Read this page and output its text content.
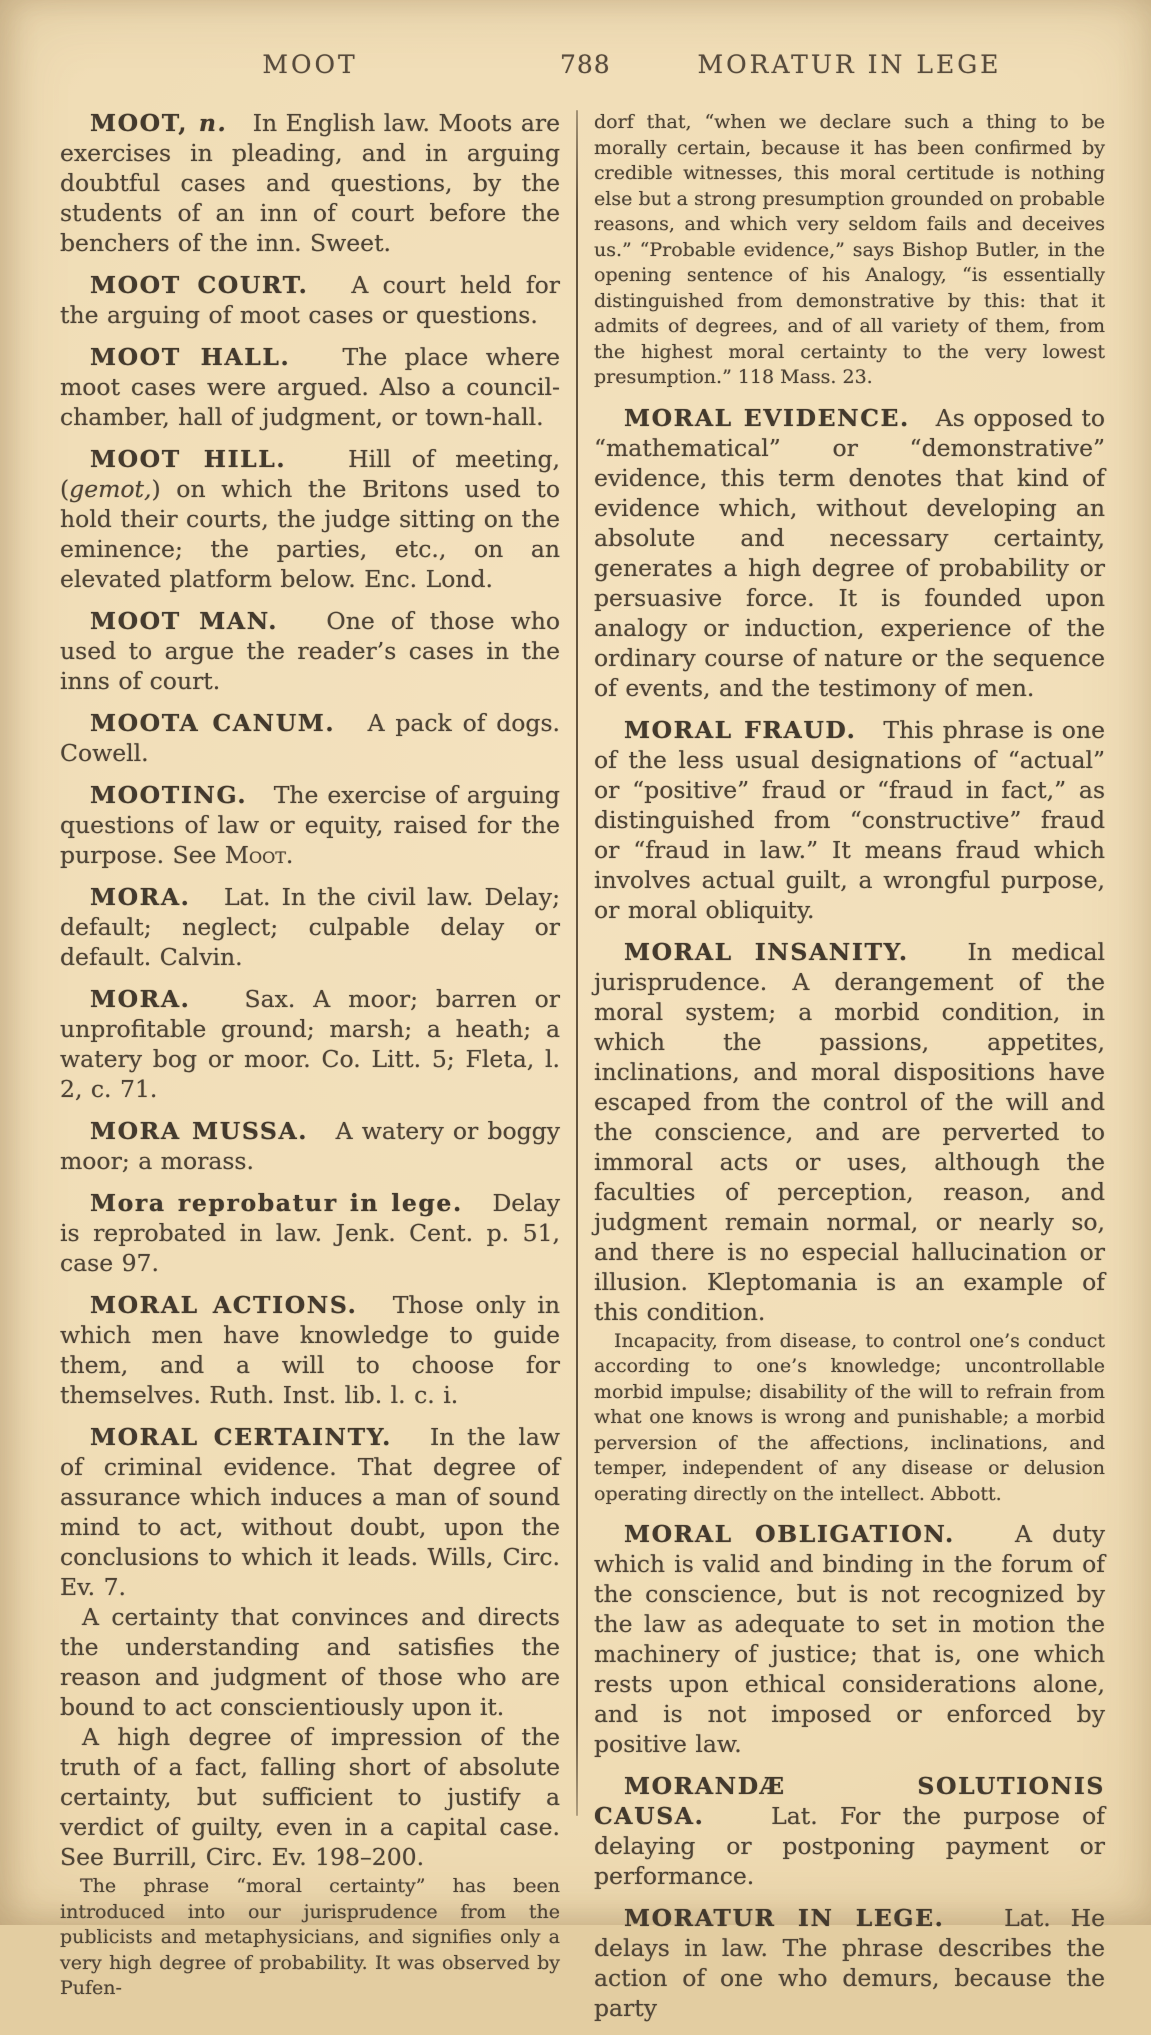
MOOT	788	MORATUR IN LEGE

MOOT, n. In English law. Moots are exercises in pleading, and in arguing doubtful cases and questions, by the students of an inn of court before the benchers of the inn. Sweet.

MOOT COURT. A court held for the arguing of moot cases or questions.

MOOT HALL. The place where moot cases were argued. Also a council-chamber, hall of judgment, or town-hall.

MOOT HILL.	Hill of meeting, (gemot,) on which the Britons used to hold their courts, the judge sitting on the eminence; the parties, etc., on an elevated platform below. Enc. Lond.

MOOT MAN. One of those who used to argue the reader’s cases in the inns of court.

MOOTA CANUM. A pack of dogs. Cowell.

MOOTING. The exercise of arguing questions of law or equity, raised for the purpose. See Moot.

MORA. Lat. In the civil law. Delay; default; neglect; culpable delay or default. Calvin.

MORA. Sax. A moor; barren or unprofitable ground; marsh; a heath; a watery bog or moor. Co. Litt. 5; Fleta, l. 2, c. 71.

MORA MUSSA. A watery or boggy moor; a morass.

Mora reprobatur in lege. Delay is reprobated in law. Jenk. Cent. p. 51, case 97.

MORAL ACTIONS. Those only in which men have knowledge to guide them, and a will to choose for themselves. Ruth. Inst. lib. l. c. i.

MORAL CERTAINTY. In the law of criminal evidence. That degree of assurance which induces a man of sound mind to act, without doubt, upon the conclusions to which it leads. Wills, Circ. Ev. 7.

A certainty that convinces and directs the understanding and satisfies the reason and judgment of those who are bound to act conscientiously upon it.

A high degree of impression of the truth of a fact, falling short of absolute certainty, but sufficient to justify a verdict of guilty, even in a capital case. See Burrill, Circ. Ev. 198–200.

The phrase “moral certainty” has been introduced into our jurisprudence from the publicists and metaphysicians, and signifies only a very high degree of probability. It was observed by Pufen-

dorf that, “when we declare such a thing to be morally certain, because it has been confirmed by credible witnesses, this moral certitude is nothing else but a strong presumption grounded on probable reasons, and which very seldom fails and deceives us.” “Probable evidence,” says Bishop Butler, in the opening sentence of his Analogy, “is essentially distinguished from demonstrative by this: that it admits of degrees, and of all variety of them, from the highest moral certainty to the very lowest presumption.” 118 Mass. 23.

MORAL EVIDENCE. As opposed to “mathematical” or “demonstrative” evidence, this term denotes that kind of evidence which, without developing an absolute and necessary certainty, generates a high degree of probability or persuasive force. It is founded upon analogy or induction, experience of the ordinary course of nature or the sequence of events, and the testimony of men.

MORAL FRAUD. This phrase is one of the less usual designations of “actual” or “positive” fraud or “fraud in fact,” as distinguished from “constructive” fraud or “fraud in law.” It means fraud which involves actual guilt, a wrongful purpose, or moral obliquity.

MORAL INSANITY.	In medical jurisprudence. A derangement of the moral system; a morbid condition, in which the passions, appetites, inclinations, and moral dispositions have escaped from the control of the will and the conscience, and are perverted to immoral acts or uses, although the faculties of perception, reason, and judgment remain normal, or nearly so, and there is no especial hallucination or illusion. Kleptomania is an example of this condition.

Incapacity, from disease, to control one’s conduct according to one’s knowledge; uncontrollable morbid impulse; disability of the will to refrain from what one knows is wrong and punishable; a morbid perversion of the affections, inclinations, and temper, independent of any disease or delusion operating directly on the intellect. Abbott.

MORAL OBLIGATION.	A duty which is valid and binding in the forum of the conscience, but is not recognized by the law as adequate to set in motion the machinery of justice; that is, one which rests upon ethical considerations alone, and is not imposed or enforced by positive law.

MORANDÆ SOLUTIONIS CAUSA.	Lat. For the purpose of delaying or postponing payment or performance.

MORATUR IN LEGE.	Lat. He delays in law. The phrase describes the action of one who demurs, because the party
